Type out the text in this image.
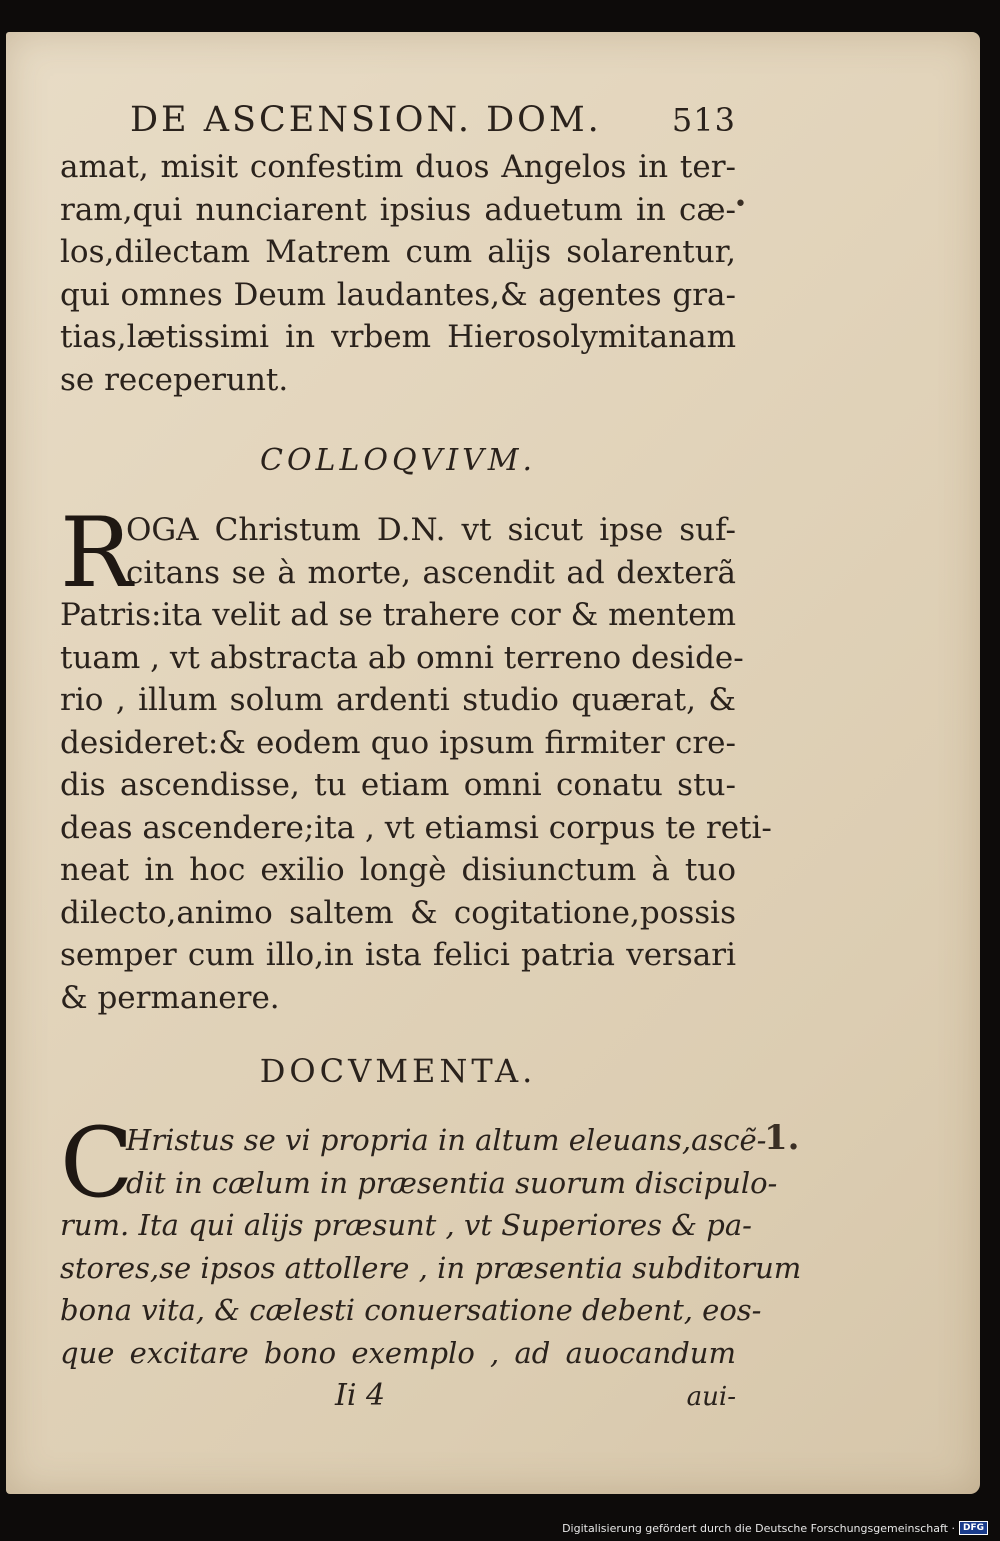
•
1.
DE ASCENSION. DOM. 513
amat, misit confestim duos Angelos in ter-
ram,qui nunciarent ipsius aduetum in cæ-
los,dilectam Matrem cum alijs solarentur,
qui omnes Deum laudantes,& agentes gra-
tias,lætissimi in vrbem Hierosolymitanam
se receperunt.
COLLOQVIVM.
R
OGA Christum D.N. vt sicut ipse suf-
citans se à morte, ascendit ad dexterã
Patris:ita velit ad se trahere cor & mentem
tuam , vt abstracta ab omni terreno deside-
rio , illum solum ardenti studio quærat, &
desideret:& eodem quo ipsum firmiter cre-
dis ascendisse, tu etiam omni conatu stu-
deas ascendere;ita , vt etiamsi corpus te reti-
neat in hoc exilio longè disiunctum à tuo
dilecto,animo saltem & cogitatione,possis
semper cum illo,in ista felici patria versari
& permanere.
DOCVMENTA.
C
Hristus se vi propria in altum eleuans,ascẽ-
dit in cælum in præsentia suorum discipulo-
rum. Ita qui alijs præsunt , vt Superiores & pa-
stores,se ipsos attollere , in præsentia subditorum
bona vita, & cælesti conuersatione debent, eos-
que excitare bono exemplo , ad auocandum
Ii 4	aui-
Digitalisierung gefördert durch die Deutsche Forschungsgemeinschaft · DFG
